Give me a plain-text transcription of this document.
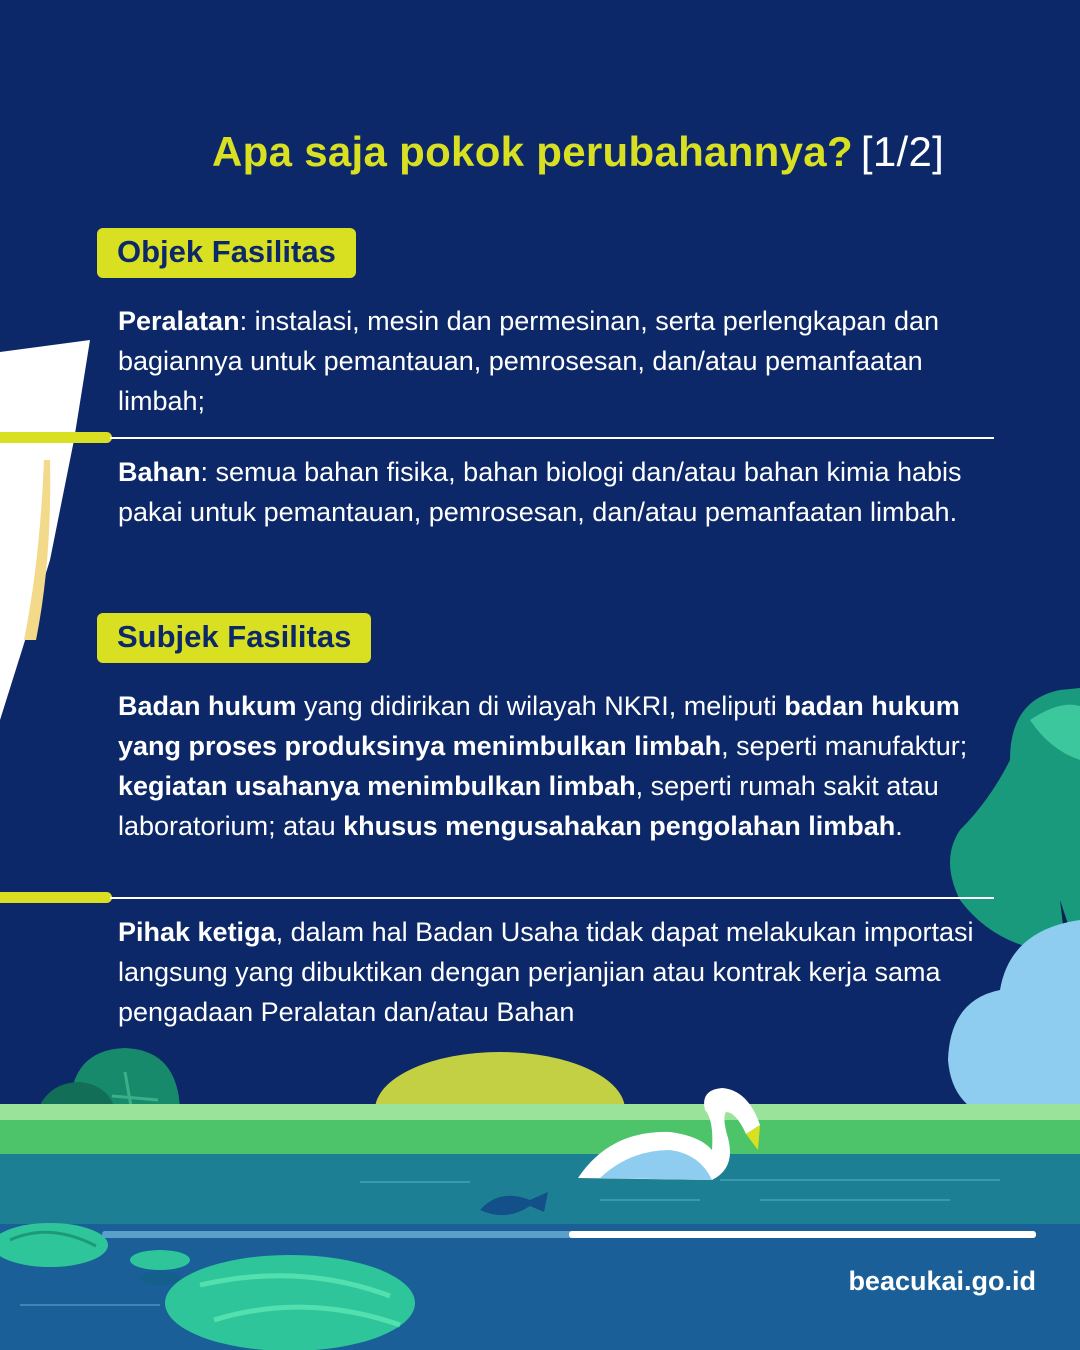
Apa saja pokok perubahannya? [1/2]
Objek Fasilitas
Peralatan: instalasi, mesin dan permesinan, serta perlengkapan dan bagiannya untuk pemantauan, pemrosesan, dan/atau pemanfaatan limbah;
Bahan: semua bahan fisika, bahan biologi dan/atau bahan kimia habis pakai untuk pemantauan, pemrosesan, dan/atau pemanfaatan limbah.
Subjek Fasilitas
Badan hukum yang didirikan di wilayah NKRI, meliputi badan hukum yang proses produksinya menimbulkan limbah, seperti manufaktur; kegiatan usahanya menimbulkan limbah, seperti rumah sakit atau laboratorium; atau khusus mengusahakan pengolahan limbah.
Pihak ketiga, dalam hal Badan Usaha tidak dapat melakukan importasi langsung yang dibuktikan dengan perjanjian atau kontrak kerja sama pengadaan Peralatan dan/atau Bahan
beacukai.go.id
